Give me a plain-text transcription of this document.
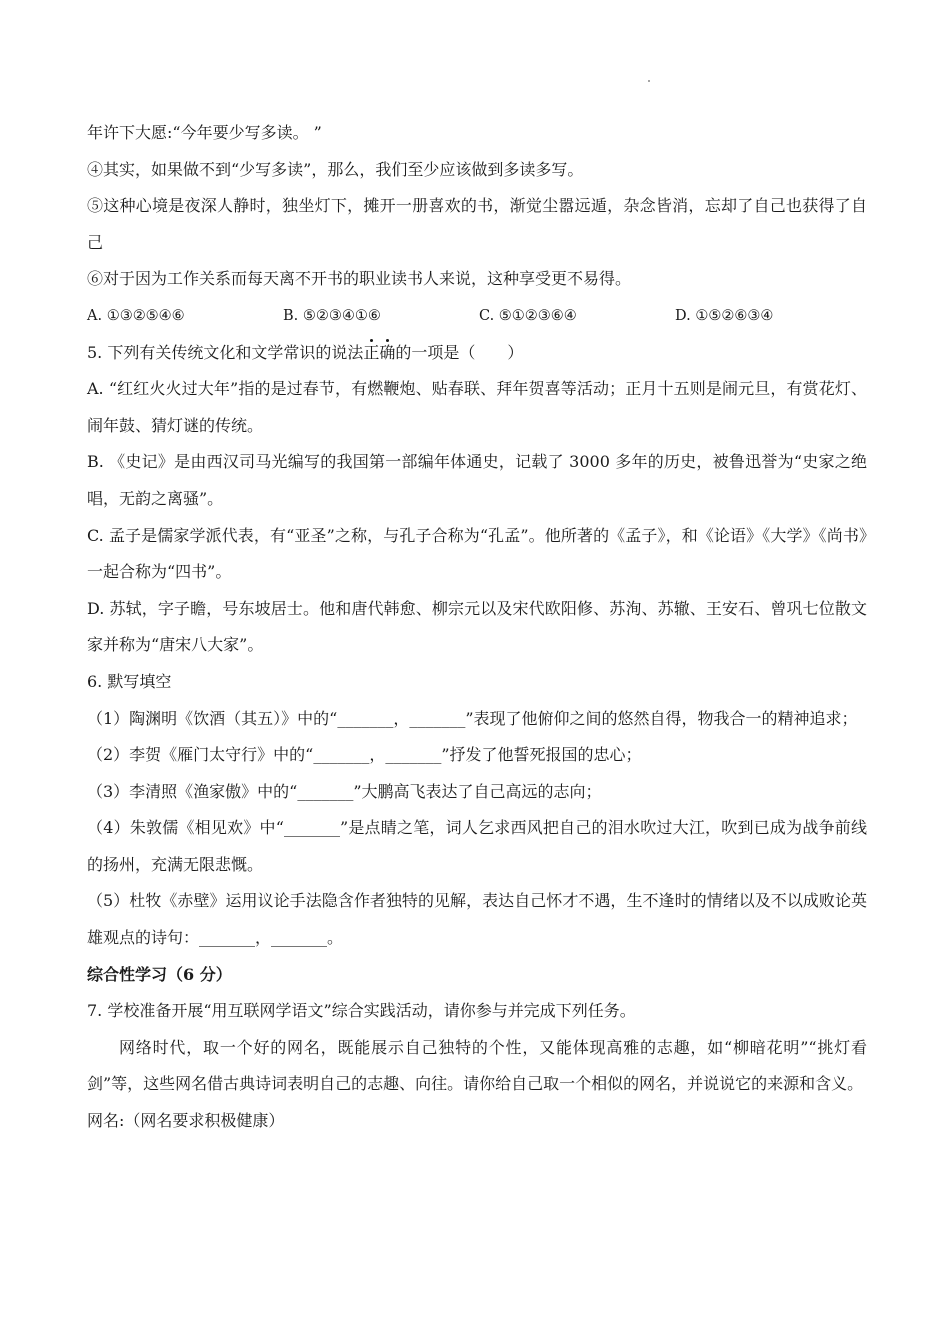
年许下大愿:“今年要少写多读。 ”

④其实，如果做不到“少写多读”，那么，我们至少应该做到多读多写。

⑤这种心境是夜深人静时，独坐灯下，摊开一册喜欢的书，渐觉尘嚣远遁，杂念皆消，忘却了自己也获得了自己

⑥对于因为工作关系而每天离不开书的职业读书人来说，这种享受更不易得。

A. ①③②⑤④⑥	B. ⑤②③④①⑥	C. ⑤①②③⑥④	D. ①⑤②⑥③④

5. 下列有关传统文化和文学常识的说法正确的一项是（　　）

A. “红红火火过大年”指的是过春节，有燃鞭炮、贴春联、拜年贺喜等活动；正月十五则是闹元旦，有赏花灯、闹年鼓、猜灯谜的传统。

B. 《史记》是由西汉司马光编写的我国第一部编年体通史，记载了 3000 多年的历史，被鲁迅誉为“史家之绝唱，无韵之离骚”。

C. 孟子是儒家学派代表，有“亚圣”之称，与孔子合称为“孔孟”。他所著的《孟子》，和《论语》《大学》《尚书》一起合称为“四书”。

D. 苏轼，字子瞻，号东坡居士。他和唐代韩愈、柳宗元以及宋代欧阳修、苏洵、苏辙、王安石、曾巩七位散文家并称为“唐宋八大家”。

6. 默写填空

（1）陶渊明《饮酒（其五）》中的“_______，_______”表现了他俯仰之间的悠然自得，物我合一的精神追求；

（2）李贺《雁门太守行》中的“_______，_______”抒发了他誓死报国的忠心；

（3）李清照《渔家傲》中的“_______”大鹏高飞表达了自己高远的志向；

（4）朱敦儒《相见欢》中“_______”是点睛之笔，词人乞求西风把自己的泪水吹过大江，吹到已成为战争前线的扬州，充满无限悲慨。

（5）杜牧《赤壁》运用议论手法隐含作者独特的见解，表达自己怀才不遇，生不逢时的情绪以及不以成败论英雄观点的诗句：_______，_______。

综合性学习（6 分）

7. 学校准备开展“用互联网学语文”综合实践活动，请你参与并完成下列任务。

网络时代，取一个好的网名，既能展示自己独特的个性，又能体现高雅的志趣，如“柳暗花明”“挑灯看剑”等，这些网名借古典诗词表明自己的志趣、向往。请你给自己取一个相似的网名，并说说它的来源和含义。

网名:（网名要求积极健康）
